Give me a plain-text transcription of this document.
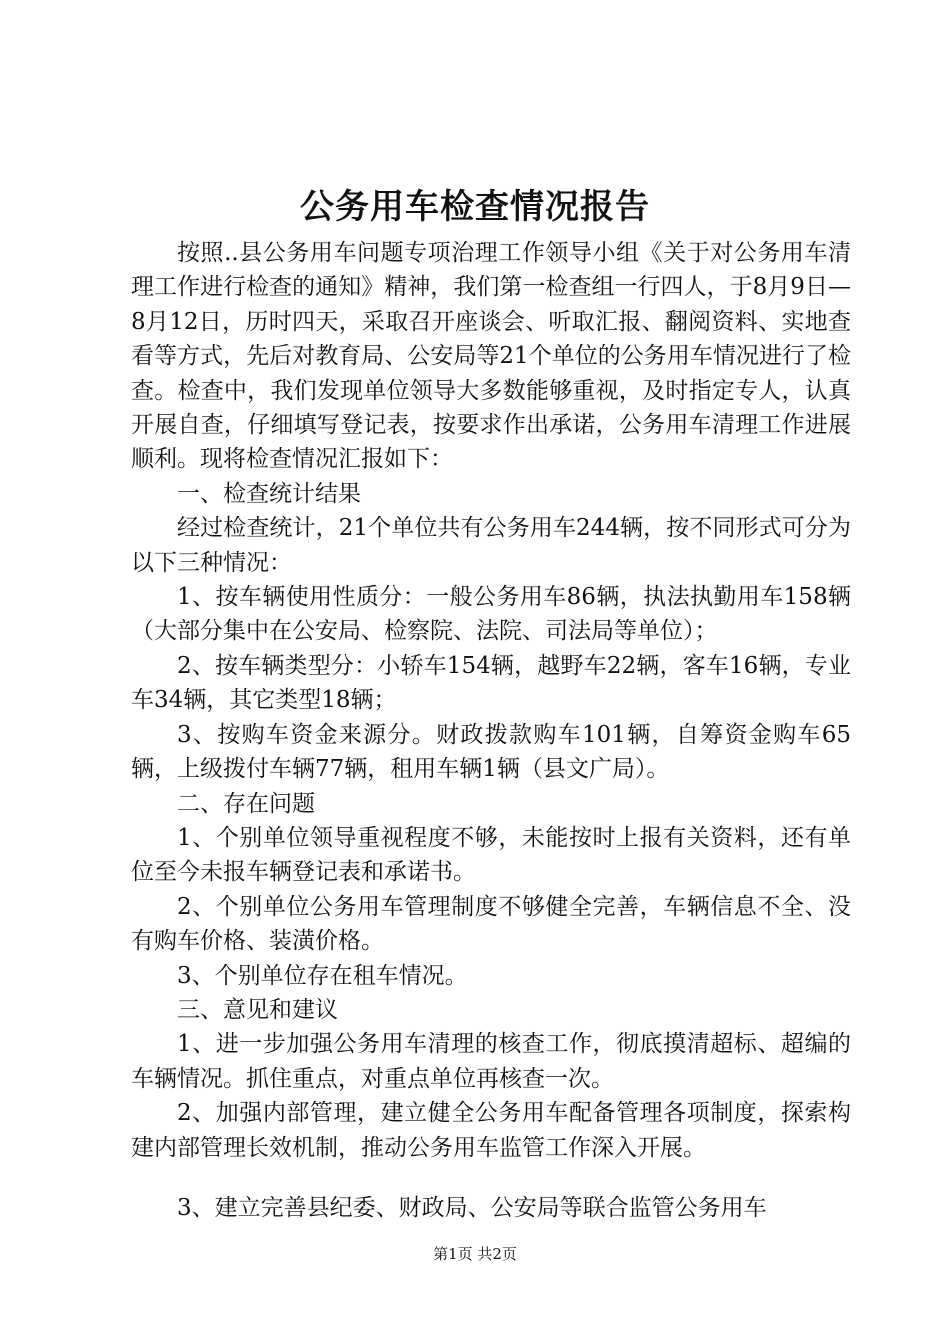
公务用车检查情况报告

按照..县公务用车问题专项治理工作领导小组《关于对公务用车清理工作进行检查的通知》精神，我们第一检查组一行四人，于8月9日—8月12日，历时四天，采取召开座谈会、听取汇报、翻阅资料、实地查看等方式，先后对教育局、公安局等21个单位的公务用车情况进行了检查。检查中，我们发现单位领导大多数能够重视，及时指定专人，认真开展自查，仔细填写登记表，按要求作出承诺，公务用车清理工作进展顺利。现将检查情况汇报如下：

一、检查统计结果

经过检查统计，21个单位共有公务用车244辆，按不同形式可分为以下三种情况：

1、按车辆使用性质分：一般公务用车86辆，执法执勤用车158辆（大部分集中在公安局、检察院、法院、司法局等单位）；

2、按车辆类型分：小轿车154辆，越野车22辆，客车16辆，专业车34辆，其它类型18辆；

3、按购车资金来源分。财政拨款购车101辆，自筹资金购车65辆，上级拨付车辆77辆，租用车辆1辆（县文广局）。

二、存在问题

1、个别单位领导重视程度不够，未能按时上报有关资料，还有单位至今未报车辆登记表和承诺书。

2、个别单位公务用车管理制度不够健全完善，车辆信息不全、没有购车价格、装潢价格。

3、个别单位存在租车情况。

三、意见和建议

1、进一步加强公务用车清理的核查工作，彻底摸清超标、超编的车辆情况。抓住重点，对重点单位再核查一次。

2、加强内部管理，建立健全公务用车配备管理各项制度，探索构建内部管理长效机制，推动公务用车监管工作深入开展。

3、建立完善县纪委、财政局、公安局等联合监管公务用车

第1页 共2页
